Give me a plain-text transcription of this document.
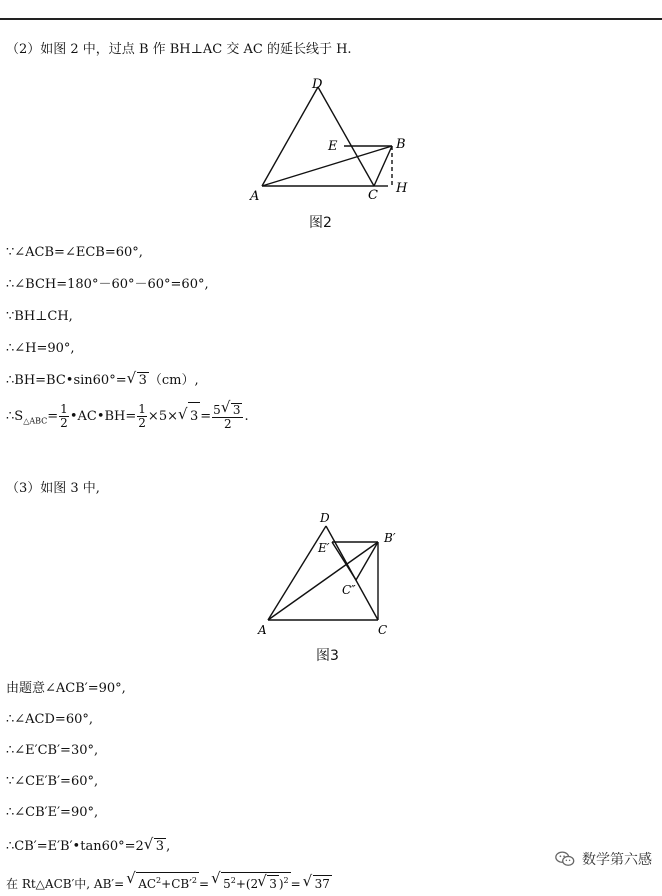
（2）如图 2 中，过点 B 作 BH⊥AC 交 AC 的延长线于 H.
D
E	B
A	C H
图2
∵∠ACB=∠ECB=60°,
∴∠BCH=180°－60°－60°=60°,
∵BH⊥CH,
∴∠H=90°,
∴BH=BC•sin60°=√ 3 （cm）,
$\therefore S_{\triangle ABC}= \frac{1}{2}$ •AC•BH= $\frac{1}{2} \times 5\times√$ $3 = \frac{5√ 3}{2}$ .
（3）如图 3 中,
D
E′
B′
C″
A	C
图3
由题意∠ACB′=90°,
∴∠ACD=60°,
∴∠E′CB′=30°,
∵∠CE′B′=60°,
∴∠CB′E′=90°,
∴CB′=E′B′•tan60°=2√ 3 ,
在 Rt△ACB′中, AB′=√ $AC^2+CB'^2$ =√ $5^2+(2√$ 3 )$^2$ =√ 37
数学第六感
